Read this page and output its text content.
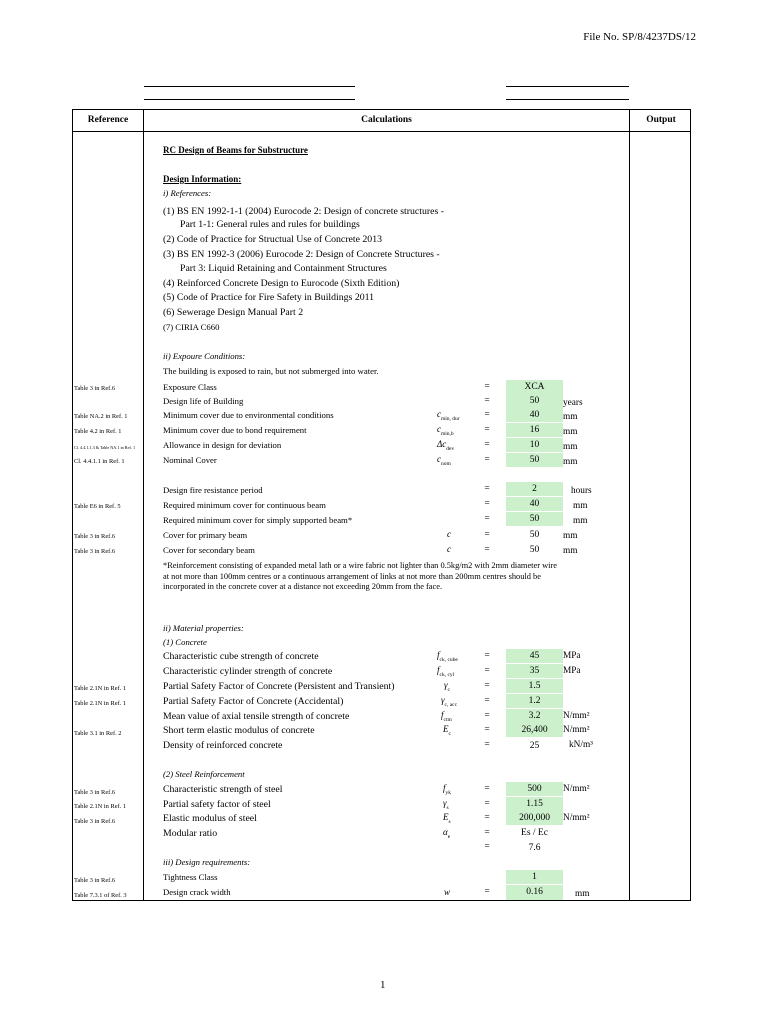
File No. SP/8/4237DS/12
Reference	Calculations	Output
RC Design of Beams for Substructure
Design Information:
i) References:
(1) BS EN 1992-1-1 (2004) Eurocode 2: Design of concrete structures -
Part 1-1: General rules and rules for buildings
(2) Code of Practice for Structual Use of Concrete 2013
(3) BS EN 1992-3 (2006) Eurocode 2: Design of Concrete Structures -
Part 3: Liquid Retaining and Containment Structures
(4) Reinforced Concrete Design to Eurocode (Sixth Edition)
(5) Code of Practice for Fire Safety in Buildings 2011
(6) Sewerage Design Manual Part 2
(7) CIRIA C660
ii) Expoure Conditions:
The building is exposed to rain, but not submerged into water.
Table 3 in Ref.6	Exposure Class	=	XCA
Design life of Building	=	50	years
Table NA.2 in Ref. 1	Minimum cover due to environmental conditions	$c_{min, dur}$	=	40	mm
Table 4.2 in Ref. 1	Minimum cover due to bond requirement	$c_{min,b}$	=	16	mm
Cl. 4.4.1.1.3 & Table NA.1 in Ref. 1	Allowance in design for deviation	$\Delta c_{dev}$	=	10	mm
Cl. 4.4.1.1 in Ref. 1	Nominal Cover	$c_{nom}$	=	50	mm
Design fire resistance period	=	2	hours
Table E6 in Ref. 5	Required minimum cover for continuous beam	=	40	mm
Required minimum cover for simply supported beam*	=	50	mm
Table 3 in Ref.6	Cover for primary beam	c	=	50	mm
Table 3 in Ref.6	Cover for secondary beam	c	=	50	mm
*Reinforcement consisting of expanded metal lath or a wire fabric not lighter than 0.5kg/m2 with 2mm diameter wire at not more than 100mm centres or a continuous arrangement of links at not more than 200mm centres should be incorporated in the concrete cover at a distance not exceeding 20mm from the face.
ii) Material properties:
(1) Concrete
Characteristic cube strength of concrete	$f_{ck, cube}$	=	45	MPa
Characteristic cylinder strength of concrete	$f_{ck, cyl}$	=	35	MPa
Table 2.1N in Ref. 1	Partial Safety Factor of Concrete (Persistent and Transient)	$\gamma_c$	=	1.5
Table 2.1N in Ref. 1	Partial Safety Factor of Concrete (Accidental)	$\gamma_{c, acc}$	=	1.2
Mean value of axial tensile strength of concrete	$f_{ctm}$	=	3.2	N/mm²
Table 3.1 in Ref. 2	Short term elastic modulus of concrete	$E_c$	=	26,400	N/mm²
Density of reinforced concrete	=	25	kN/m³
(2) Steel Reinforcement
Table 3 in Ref.6	Characteristic strength of steel	$f_{yk}$	=	500	N/mm²
Table 2.1N in Ref. 1	Partial safety factor of steel	$\gamma_s$	=	1.15
Table 3 in Ref.6	Elastic modulus of steel	$E_s$	=	200,000	N/mm²
Modular ratio	$\alpha_e$	=	Es / Ec
=	7.6
iii) Design requirements:
Table 3 in Ref.6	Tightness Class	1
Table 7.3.1 of Ref. 3	Design crack width	w	=	0.16	mm
1
